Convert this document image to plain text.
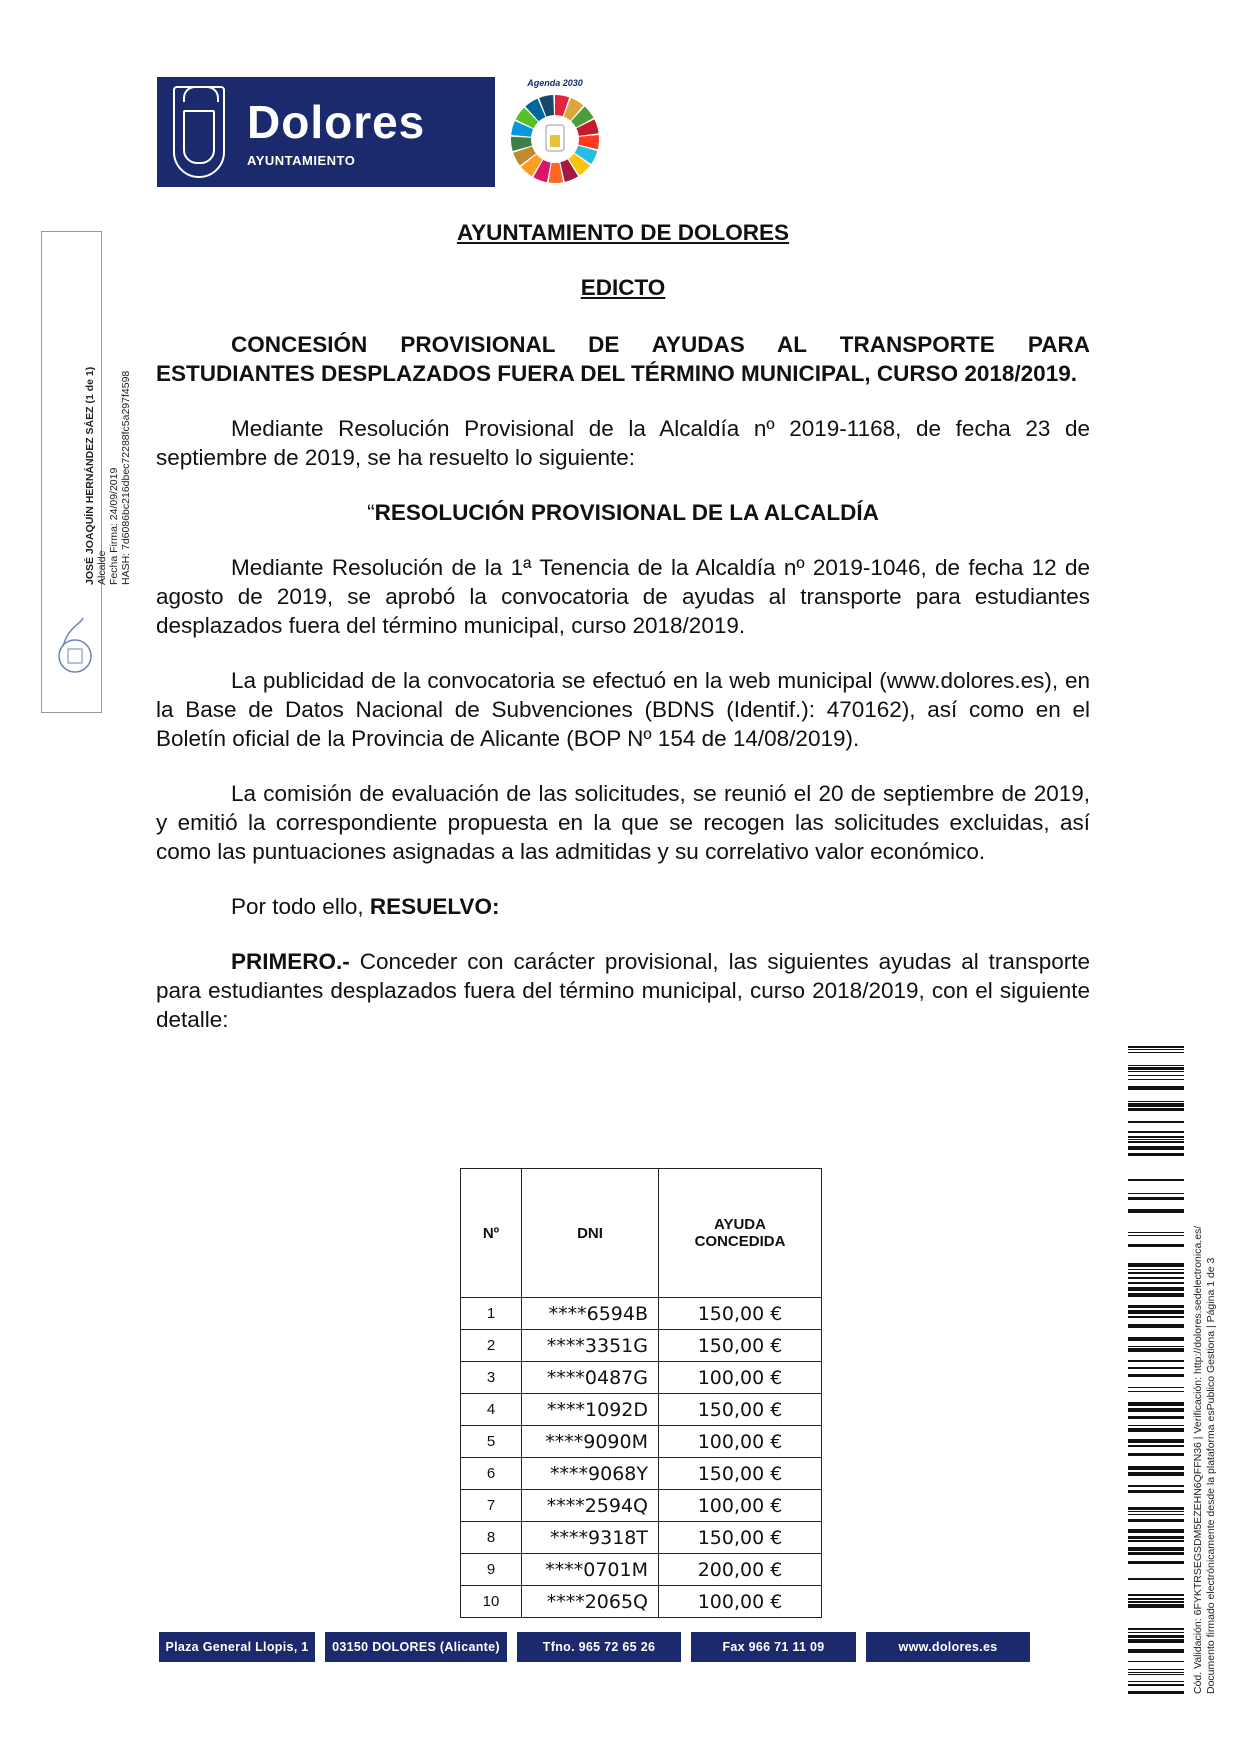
Dolores
AYUNTAMIENTO
Agenda 2030
JOSÉ JOAQUÍN HERNÁNDEZ SÁEZ (1 de 1) Alcalde Fecha Firma: 24/09/2019 HASH: 7d6086bc216dbec72288fc5a297f4598
Cód. Validación: 6FYKTRSEGSDM5EZEHN6QFFN36 | Verificación: http://dolores.sedelectronica.es/ Documento firmado electrónicamente desde la plataforma esPublico Gestiona | Página 1 de 3

AYUNTAMIENTO DE DOLORES

EDICTO

CONCESIÓN PROVISIONAL DE AYUDAS AL TRANSPORTE PARA ESTUDIANTES DESPLAZADOS FUERA DEL TÉRMINO MUNICIPAL, CURSO 2018/2019.

Mediante Resolución Provisional de la Alcaldía nº 2019-1168, de fecha 23 de septiembre de 2019, se ha resuelto lo siguiente:

“RESOLUCIÓN PROVISIONAL DE LA ALCALDÍA

Mediante Resolución de la 1ª Tenencia de la Alcaldía nº 2019-1046, de fecha 12 de agosto de 2019, se aprobó la convocatoria de ayudas al transporte para estudiantes desplazados fuera del término municipal, curso 2018/2019.

La publicidad de la convocatoria se efectuó en la web municipal (www.dolores.es), en la Base de Datos Nacional de Subvenciones (BDNS (Identif.): 470162), así como en el Boletín oficial de la Provincia de Alicante (BOP Nº 154 de 14/08/2019).

La comisión de evaluación de las solicitudes, se reunió el 20 de septiembre de 2019, y emitió la correspondiente propuesta en la que se recogen las solicitudes excluidas, así como las puntuaciones asignadas a las admitidas y su correlativo valor económico.

Por todo ello, RESUELVO:

PRIMERO.- Conceder con carácter provisional, las siguientes ayudas al transporte para estudiantes desplazados fuera del término municipal, curso 2018/2019, con el siguiente detalle:

Nº	DNI	AYUDA CONCEDIDA
1	****6594B	150,00 €
2	****3351G	150,00 €
3	****0487G	100,00 €
4	****1092D	150,00 €
5	****9090M	100,00 €
6	****9068Y	150,00 €
7	****2594Q	100,00 €
8	****9318T	150,00 €
9	****0701M	200,00 €
10	****2065Q	100,00 €
Plaza General Llopis, 1	03150 DOLORES (Alicante)	Tfno. 965 72 65 26	Fax 966 71 11 09	www.dolores.es
